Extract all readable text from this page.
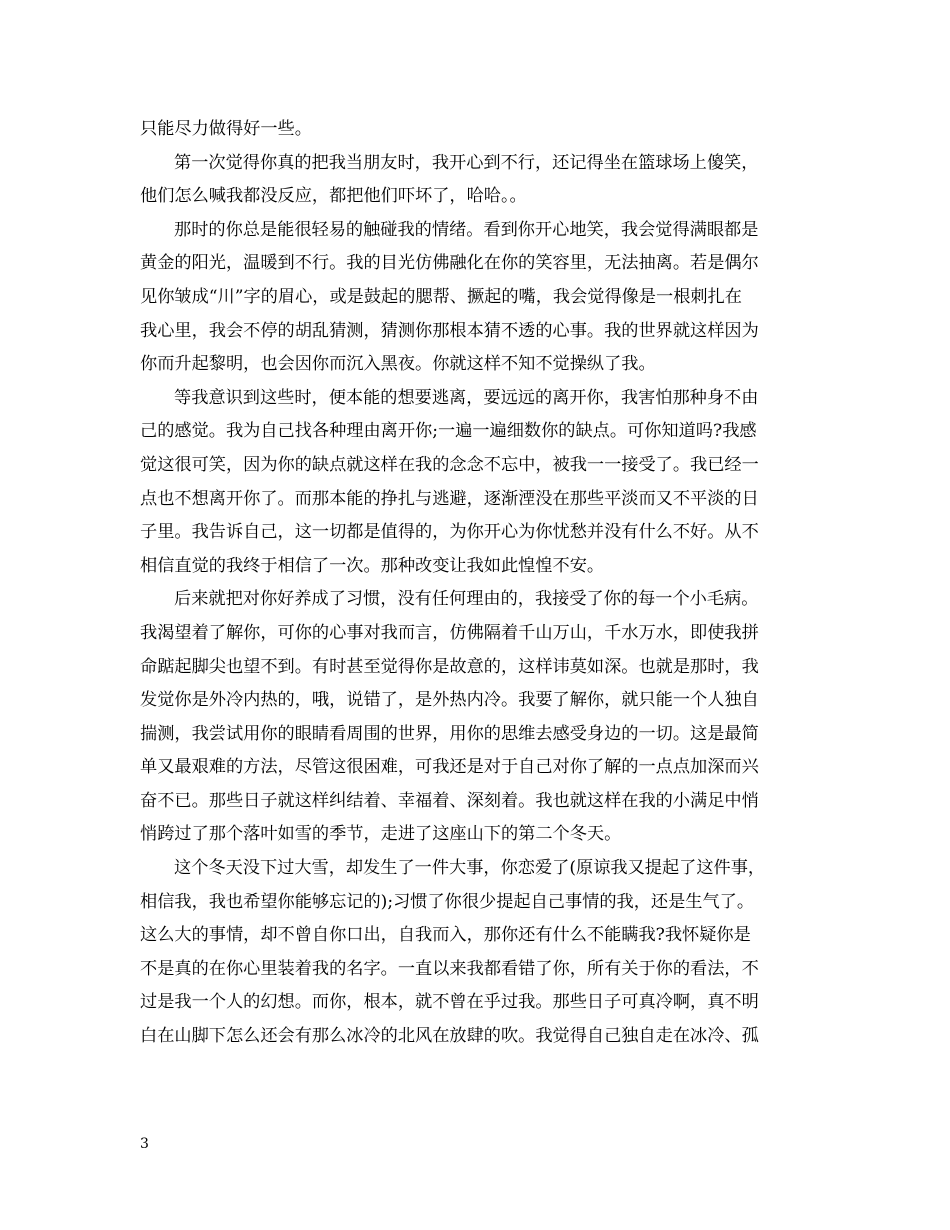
只能尽力做得好一些。
第一次觉得你真的把我当朋友时，我开心到不行，还记得坐在篮球场上傻笑，
他们怎么喊我都没反应，都把他们吓坏了，哈哈。。
那时的你总是能很轻易的触碰我的情绪。看到你开心地笑，我会觉得满眼都是
黄金的阳光，温暖到不行。我的目光仿佛融化在你的笑容里，无法抽离。若是偶尔
见你皱成“川”字的眉心，或是鼓起的腮帮、撅起的嘴，我会觉得像是一根刺扎在
我心里，我会不停的胡乱猜测，猜测你那根本猜不透的心事。我的世界就这样因为
你而升起黎明，也会因你而沉入黑夜。你就这样不知不觉操纵了我。
等我意识到这些时，便本能的想要逃离，要远远的离开你，我害怕那种身不由
己的感觉。我为自己找各种理由离开你;一遍一遍细数你的缺点。可你知道吗?我感
觉这很可笑，因为你的缺点就这样在我的念念不忘中，被我一一接受了。我已经一
点也不想离开你了。而那本能的挣扎与逃避，逐渐湮没在那些平淡而又不平淡的日
子里。我告诉自己，这一切都是值得的，为你开心为你忧愁并没有什么不好。从不
相信直觉的我终于相信了一次。那种改变让我如此惶惶不安。
后来就把对你好养成了习惯，没有任何理由的，我接受了你的每一个小毛病。
我渴望着了解你，可你的心事对我而言，仿佛隔着千山万山，千水万水，即使我拼
命踮起脚尖也望不到。有时甚至觉得你是故意的，这样讳莫如深。也就是那时，我
发觉你是外冷内热的，哦，说错了，是外热内冷。我要了解你，就只能一个人独自
揣测，我尝试用你的眼睛看周围的世界，用你的思维去感受身边的一切。这是最简
单又最艰难的方法，尽管这很困难，可我还是对于自己对你了解的一点点加深而兴
奋不已。那些日子就这样纠结着、幸福着、深刻着。我也就这样在我的小满足中悄
悄跨过了那个落叶如雪的季节，走进了这座山下的第二个冬天。
这个冬天没下过大雪，却发生了一件大事，你恋爱了(原谅我又提起了这件事，
相信我，我也希望你能够忘记的);习惯了你很少提起自己事情的我，还是生气了。
这么大的事情，却不曾自你口出，自我而入，那你还有什么不能瞒我?我怀疑你是
不是真的在你心里装着我的名字。一直以来我都看错了你，所有关于你的看法，不
过是我一个人的幻想。而你，根本，就不曾在乎过我。那些日子可真冷啊，真不明
白在山脚下怎么还会有那么冰冷的北风在放肆的吹。我觉得自己独自走在冰冷、孤
3
